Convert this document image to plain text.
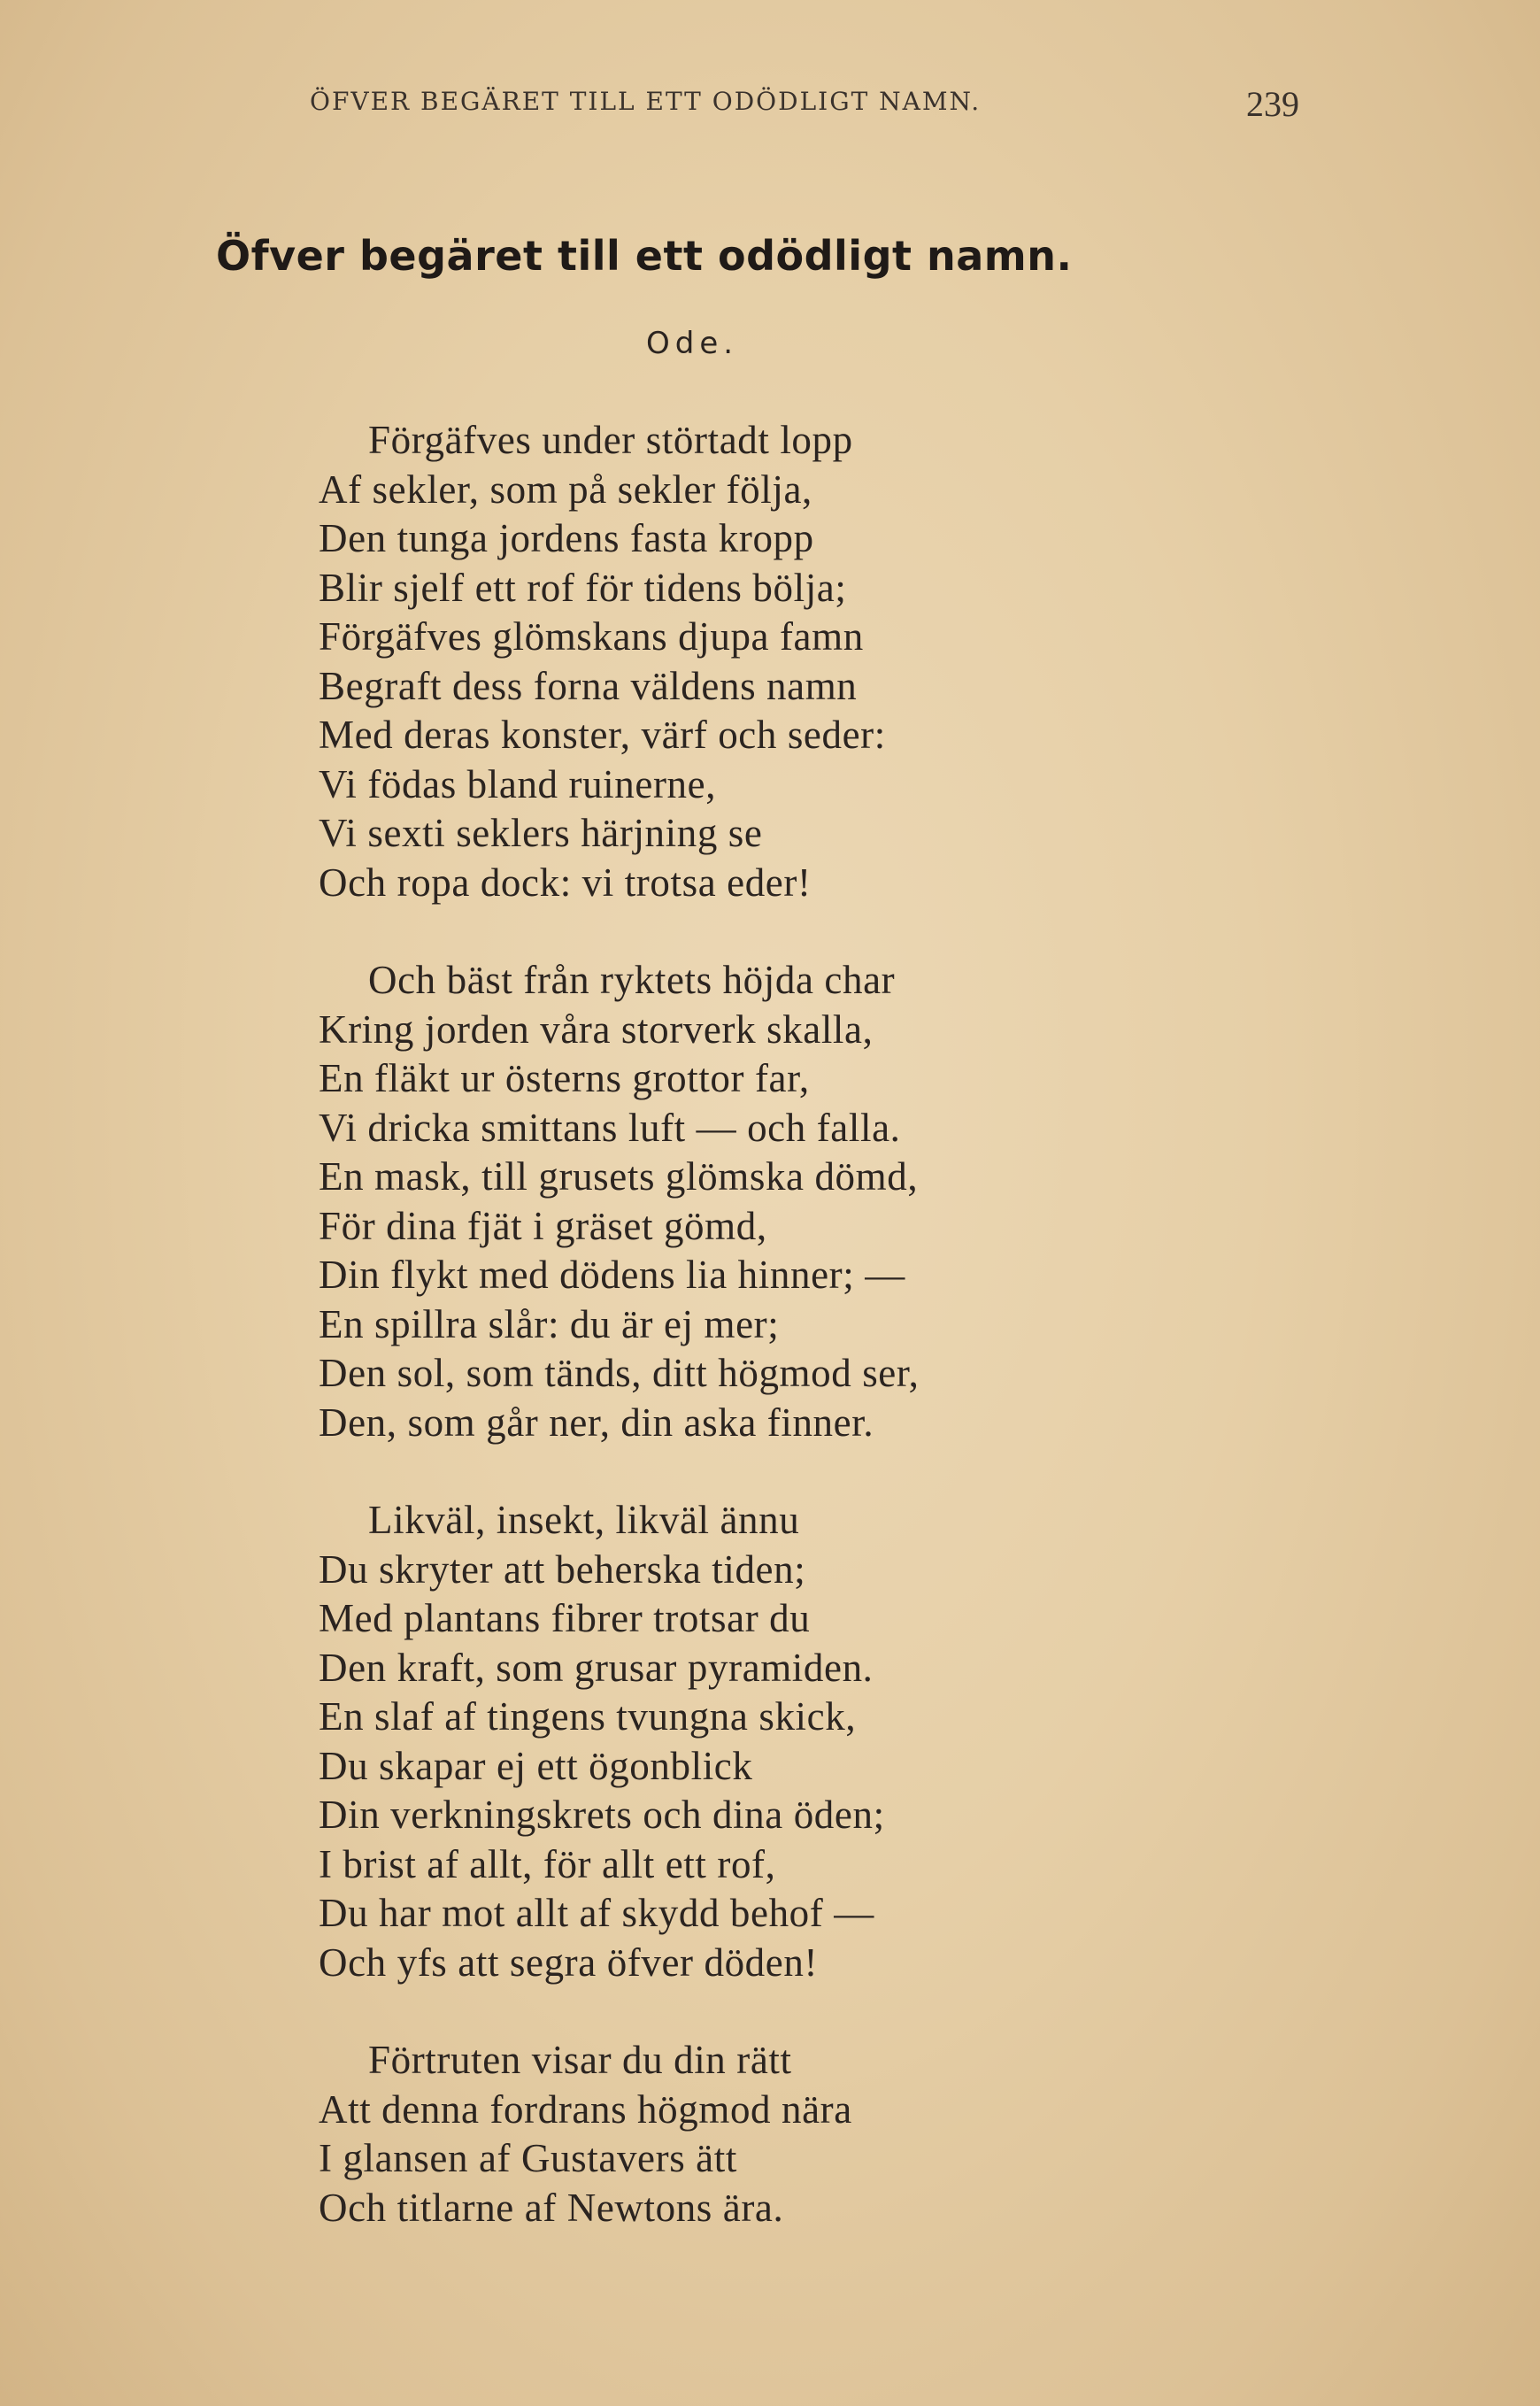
ÖFVER BEGÄRET TILL ETT ODÖDLIGT NAMN.	239
Öfver begäret till ett odödligt namn.
Ode.
Förgäfves under störtadt lopp
Af sekler, som på sekler följa,
Den tunga jordens fasta kropp
Blir sjelf ett rof för tidens bölja;
Förgäfves glömskans djupa famn
Begraft dess forna väldens namn
Med deras konster, värf och seder:
Vi födas bland ruinerne,
Vi sexti seklers härjning se
Och ropa dock: vi trotsa eder!
Och bäst från ryktets höjda char
Kring jorden våra storverk skalla,
En fläkt ur österns grottor far,
Vi dricka smittans luft — och falla.
En mask, till grusets glömska dömd,
För dina fjät i gräset gömd,
Din flykt med dödens lia hinner; —
En spillra slår: du är ej mer;
Den sol, som tänds, ditt högmod ser,
Den, som går ner, din aska finner.
Likväl, insekt, likväl ännu
Du skryter att beherska tiden;
Med plantans fibrer trotsar du
Den kraft, som grusar pyramiden.
En slaf af tingens tvungna skick,
Du skapar ej ett ögonblick
Din verkningskrets och dina öden;
I brist af allt, för allt ett rof,
Du har mot allt af skydd behof —
Och yfs att segra öfver döden!
Förtruten visar du din rätt
Att denna fordrans högmod nära
I glansen af Gustavers ätt
Och titlarne af Newtons ära.
